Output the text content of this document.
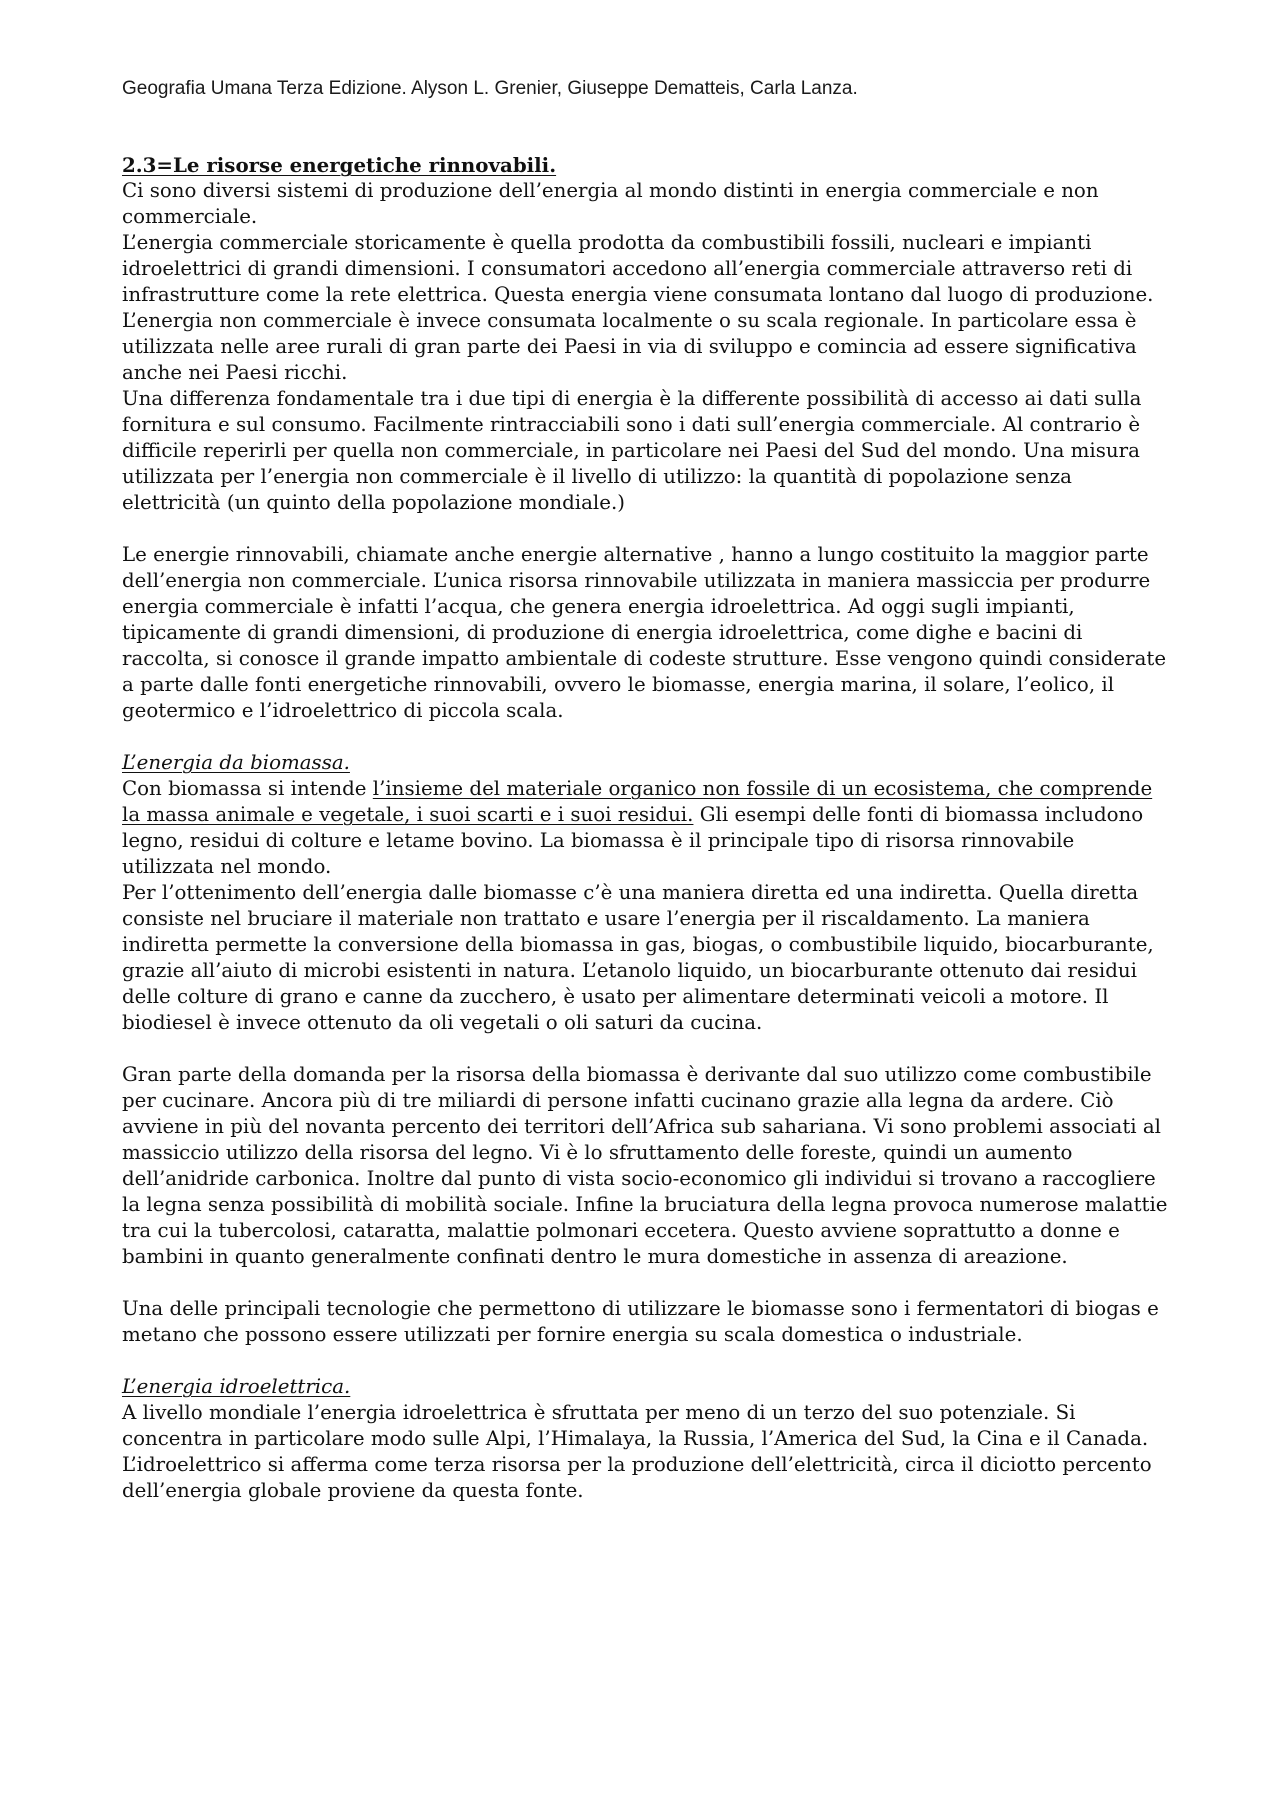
Geografia Umana Terza Edizione. Alyson L. Grenier, Giuseppe Dematteis, Carla Lanza.

2.3=Le risorse energetiche rinnovabili.

Ci sono diversi sistemi di produzione dell’energia al mondo distinti in energia commerciale e non commerciale.

L’energia commerciale storicamente è quella prodotta da combustibili fossili, nucleari e impianti idroelettrici di grandi dimensioni. I consumatori accedono all’energia commerciale attraverso reti di infrastrutture come la rete elettrica. Questa energia viene consumata lontano dal luogo di produzione.

L’energia non commerciale è invece consumata localmente o su scala regionale. In particolare essa è utilizzata nelle aree rurali di gran parte dei Paesi in via di sviluppo e comincia ad essere significativa anche nei Paesi ricchi.

Una differenza fondamentale tra i due tipi di energia è la differente possibilità di accesso ai dati sulla fornitura e sul consumo. Facilmente rintracciabili sono i dati sull’energia commerciale. Al contrario è difficile reperirli per quella non commerciale, in particolare nei Paesi del Sud del mondo. Una misura utilizzata per l’energia non commerciale è il livello di utilizzo: la quantità di popolazione senza elettricità (un quinto della popolazione mondiale.)

Le energie rinnovabili, chiamate anche energie alternative , hanno a lungo costituito la maggior parte dell’energia non commerciale. L’unica risorsa rinnovabile utilizzata in maniera massiccia per produrre energia commerciale è infatti l’acqua, che genera energia idroelettrica. Ad oggi sugli impianti, tipicamente di grandi dimensioni, di produzione di energia idroelettrica, come dighe e bacini di raccolta, si conosce il grande impatto ambientale di codeste strutture. Esse vengono quindi considerate a parte dalle fonti energetiche rinnovabili, ovvero le biomasse, energia marina, il solare, l’eolico, il geotermico e l’idroelettrico di piccola scala.

L’energia da biomassa.

Con biomassa si intende l’insieme del materiale organico non fossile di un ecosistema, che comprende la massa animale e vegetale, i suoi scarti e i suoi residui. Gli esempi delle fonti di biomassa includono legno, residui di colture e letame bovino. La biomassa è il principale tipo di risorsa rinnovabile utilizzata nel mondo.

Per l’ottenimento dell’energia dalle biomasse c’è una maniera diretta ed una indiretta. Quella diretta consiste nel bruciare il materiale non trattato e usare l’energia per il riscaldamento. La maniera indiretta permette la conversione della biomassa in gas, biogas, o combustibile liquido, biocarburante, grazie all’aiuto di microbi esistenti in natura. L’etanolo liquido, un biocarburante ottenuto dai residui delle colture di grano e canne da zucchero, è usato per alimentare determinati veicoli a motore. Il biodiesel è invece ottenuto da oli vegetali o oli saturi da cucina.

Gran parte della domanda per la risorsa della biomassa è derivante dal suo utilizzo come combustibile per cucinare. Ancora più di tre miliardi di persone infatti cucinano grazie alla legna da ardere. Ciò avviene in più del novanta percento dei territori dell’Africa sub sahariana. Vi sono problemi associati al massiccio utilizzo della risorsa del legno. Vi è lo sfruttamento delle foreste, quindi un aumento dell’anidride carbonica. Inoltre dal punto di vista socio-economico gli individui si trovano a raccogliere la legna senza possibilità di mobilità sociale. Infine la bruciatura della legna provoca numerose malattie tra cui la tubercolosi, cataratta, malattie polmonari eccetera. Questo avviene soprattutto a donne e bambini in quanto generalmente confinati dentro le mura domestiche in assenza di areazione.

Una delle principali tecnologie che permettono di utilizzare le biomasse sono i fermentatori di biogas e metano che possono essere utilizzati per fornire energia su scala domestica o industriale.

L’energia idroelettrica.

A livello mondiale l’energia idroelettrica è sfruttata per meno di un terzo del suo potenziale. Si concentra in particolare modo sulle Alpi, l’Himalaya, la Russia, l’America del Sud, la Cina e il Canada.

L’idroelettrico si afferma come terza risorsa per la produzione dell’elettricità, circa il diciotto percento dell’energia globale proviene da questa fonte.
